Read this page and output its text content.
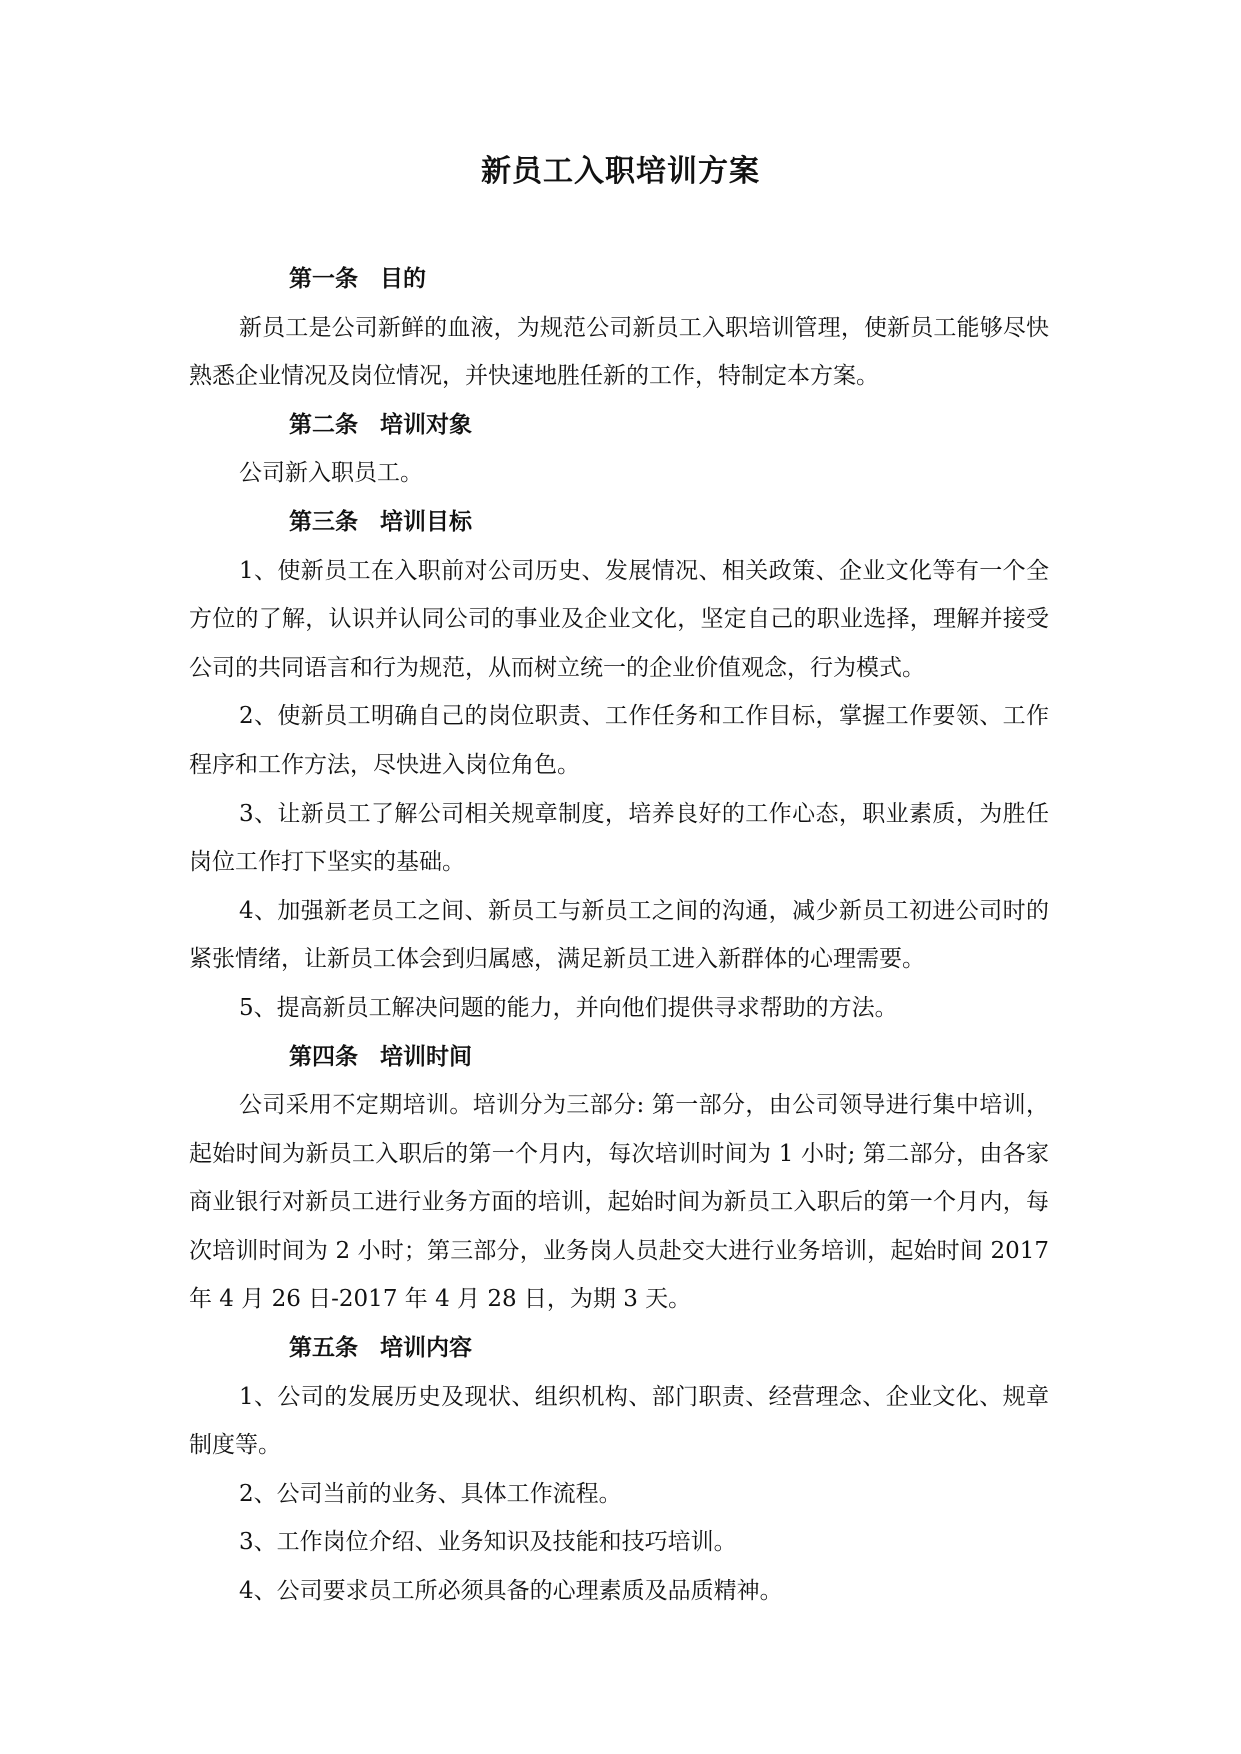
新员工入职培训方案

第一条 目的

新员工是公司新鲜的血液，为规范公司新员工入职培训管理，使新员工能够尽快熟悉企业情况及岗位情况，并快速地胜任新的工作，特制定本方案。

第二条 培训对象

公司新入职员工。

第三条 培训目标

1、使新员工在入职前对公司历史、发展情况、相关政策、企业文化等有一个全方位的了解，认识并认同公司的事业及企业文化，坚定自己的职业选择，理解并接受公司的共同语言和行为规范，从而树立统一的企业价值观念，行为模式。

2、使新员工明确自己的岗位职责、工作任务和工作目标，掌握工作要领、工作程序和工作方法，尽快进入岗位角色。

3、让新员工了解公司相关规章制度，培养良好的工作心态，职业素质，为胜任岗位工作打下坚实的基础。

4、加强新老员工之间、新员工与新员工之间的沟通，减少新员工初进公司时的紧张情绪，让新员工体会到归属感，满足新员工进入新群体的心理需要。

5、提高新员工解决问题的能力，并向他们提供寻求帮助的方法。

第四条 培训时间

公司采用不定期培训。培训分为三部分: 第一部分，由公司领导进行集中培训，起始时间为新员工入职后的第一个月内，每次培训时间为 1 小时; 第二部分，由各家商业银行对新员工进行业务方面的培训，起始时间为新员工入职后的第一个月内，每次培训时间为 2 小时；第三部分，业务岗人员赴交大进行业务培训，起始时间 2017 年 4 月 26 日-2017 年 4 月 28 日，为期 3 天。

第五条 培训内容

1、公司的发展历史及现状、组织机构、部门职责、经营理念、企业文化、规章制度等。

2、公司当前的业务、具体工作流程。

3、工作岗位介绍、业务知识及技能和技巧培训。

4、公司要求员工所必须具备的心理素质及品质精神。
